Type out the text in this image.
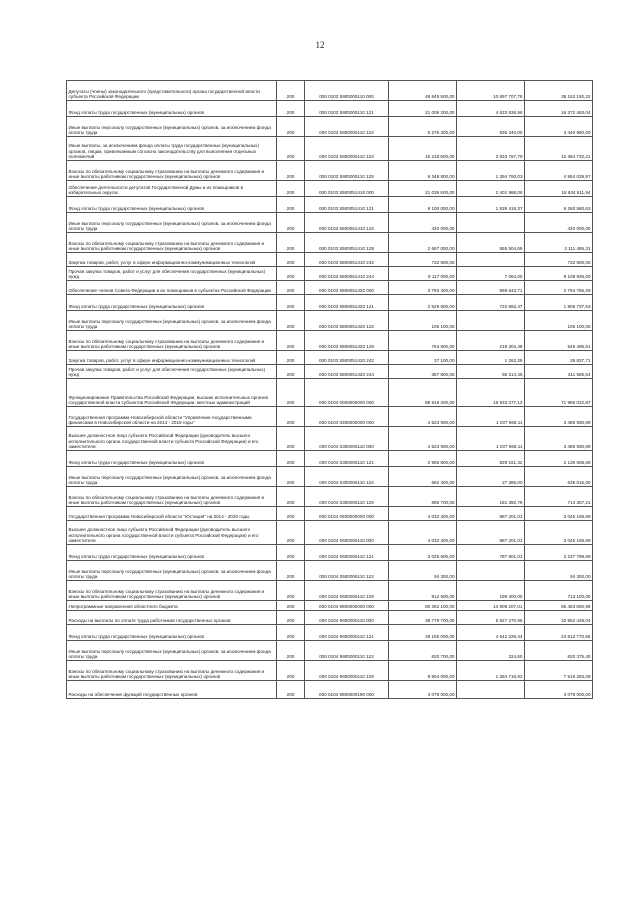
12
Депутаты (члены) законодательного (представительного) органа государственной власти субъекта Российской Федерации	200	000 0103 5900005110 000	48 849 900,00	10 697 707,78	38 152 192,22
Фонд оплаты труда государственных (муниципальных) органов	200	000 0103 5900005110 121	21 006 300,00	4 633 836,96	16 372 463,04
Иные выплаты персоналу государственных (муниципальных) органов, за исключением фонда оплаты труда	200	000 0103 5900005110 122	5 276 300,00	835 340,00	4 440 960,00
Иные выплаты, за исключением фонда оплаты труда государственных (муниципальных) органов, лицам, привлекаемым согласно законодательству для выполнения отдельных полномочий	200	000 0103 5900005110 123	16 218 500,00	3 833 767,79	12 384 732,21
Взносы по обязательному социальному страхованию на выплаты денежного содержания и иные выплаты работникам государственных (муниципальных) органов	200	000 0103 5900005110 129	6 348 800,00	1 394 760,03	4 954 039,97
Обеспечение деятельности депутатов Государственной Думы и их помощников в избирательных округах	200	000 0103 5900051410 000	21 036 600,00	2 401 988,06	18 634 611,94
Фонд оплаты труда государственных (муниципальных) органов	200	000 0103 5900051410 121	8 100 000,00	1 839 419,37	6 260 580,63
Иные выплаты персоналу государственных (муниципальных) органов, за исключением фонда оплаты труда	200	000 0103 5900051410 122	420 000,00		420 000,00
Взносы по обязательному социальному страхованию на выплаты денежного содержания и иные выплаты работникам государственных (муниципальных) органов	200	000 0103 5900051410 129	2 667 000,00	555 504,69	2 111 495,31
Закупка товаров, работ, услуг в сфере информационно-коммуникационных технологий	200	000 0103 5900051410 242	732 600,00		732 600,00
Прочая закупка товаров, работ и услуг для обеспечения государственных (муниципальных) нужд	200	000 0103 5900051410 244	9 117 000,00	7 064,00	9 109 936,00
Обеспечение членов Совета Федерации и их помощников в субъектах Российской Федерации	200	000 0103 5900051420 000	3 793 400,00	998 643,71	2 794 756,29
Фонд оплаты труда государственных (муниципальных) органов	200	000 0103 5900051420 121	2 529 600,00	722 862,47	1 806 737,53
Иные выплаты персоналу государственных (муниципальных) органов, за исключением фонда оплаты труда	200	000 0103 5900051420 122	105 100,00		105 100,00
Взносы по обязательному социальному страхованию на выплаты денежного содержания и иные выплаты работникам государственных (муниципальных) органов	200	000 0103 5900051420 129	763 800,00	218 304,49	545 495,51
Закупка товаров, работ, услуг в сфере информационно-коммуникационных технологий	200	000 0103 5900051420 242	27 100,00	1 262,29	25 837,71
Прочая закупка товаров, работ и услуг для обеспечения государственных (муниципальных) нужд	200	000 0103 5900051420 244	367 800,00	56 214,46	311 585,54
Функционирование Правительства Российской Федерации, высших исполнительных органов государственной власти субъектов Российской Федерации, местных администраций	200	000 0104 0000000000 000	88 918 400,00	16 933 377,13	71 985 022,87
Государственная программа Новосибирской области "Управление государственными финансами в Новосибирской области на 2014 - 2019 годы"	200	000 0104 0300000000 000	4 523 900,00	1 037 969,11	3 485 930,89
Высшее должностное лицо субъекта Российской Федерации (руководитель высшего исполнительного органа государственной власти субъекта Российской Федерации) и его заместители	200	000 0104 0300006110 000	4 523 900,00	1 037 969,11	3 485 930,89
Фонд оплаты труда государственных (муниципальных) органов	200	000 0104 0300006110 121	2 965 800,00	829 191,32	2 136 608,68
Иные выплаты персоналу государственных (муниципальных) органов, за исключением фонда оплаты труда	200	000 0104 0300006110 122	662 400,00	27 385,00	635 015,00
Взносы по обязательному социальному страхованию на выплаты денежного содержания и иные выплаты работникам государственных (муниципальных) органов	200	000 0104 0300006110 129	895 700,00	181 392,79	714 307,21
Государственная программа Новосибирской области "Юстиция" на 2014 - 2020 годы	200	000 0104 0500000000 000	4 032 400,00	987 201,01	3 045 198,99
Высшее должностное лицо субъекта Российской Федерации (руководитель высшего исполнительного органа государственной власти субъекта Российской Федерации) и его заместители	200	000 0104 0500006110 000	4 032 400,00	987 201,01	3 045 198,99
Фонд оплаты труда государственных (муниципальных) органов	200	000 0104 0500006110 121	3 025 600,00	787 801,01	2 237 798,99
Иные выплаты персоналу государственных (муниципальных) органов, за исключением фонда оплаты труда	200	000 0104 0500006110 122	94 300,00		94 300,00
Взносы по обязательному социальному страхованию на выплаты денежного содержания и иные выплаты работникам государственных (муниципальных) органов	200	000 0104 0500006110 129	912 500,00	199 400,00	713 100,00
Непрограммные направления областного бюджета	200	000 0104 9900000000 000	80 362 100,00	14 908 207,01	65 453 892,99
Расходы на выплаты по оплате труда работников государственных органов	200	000 0104 9900000110 000	38 779 700,00	5 827 270,96	32 952 429,04
Фонд оплаты труда государственных (муниципальных) органов	200	000 0104 9900000110 121	29 155 000,00	4 542 229,44	24 612 770,56
Иные выплаты персоналу государственных (муниципальных) органов, за исключением фонда оплаты труда	200	000 0104 9900000110 122	820 700,00	324,60	820 375,40
Взносы по обязательному социальному страхованию на выплаты денежного содержания и иные выплаты работникам государственных (муниципальных) органов	200	000 0104 9900000110 129	8 804 000,00	1 284 716,92	7 519 283,08
Расходы на обеспечение функций государственных органов	200	000 0104 9900000190 000	3 078 000,00		3 078 000,00
